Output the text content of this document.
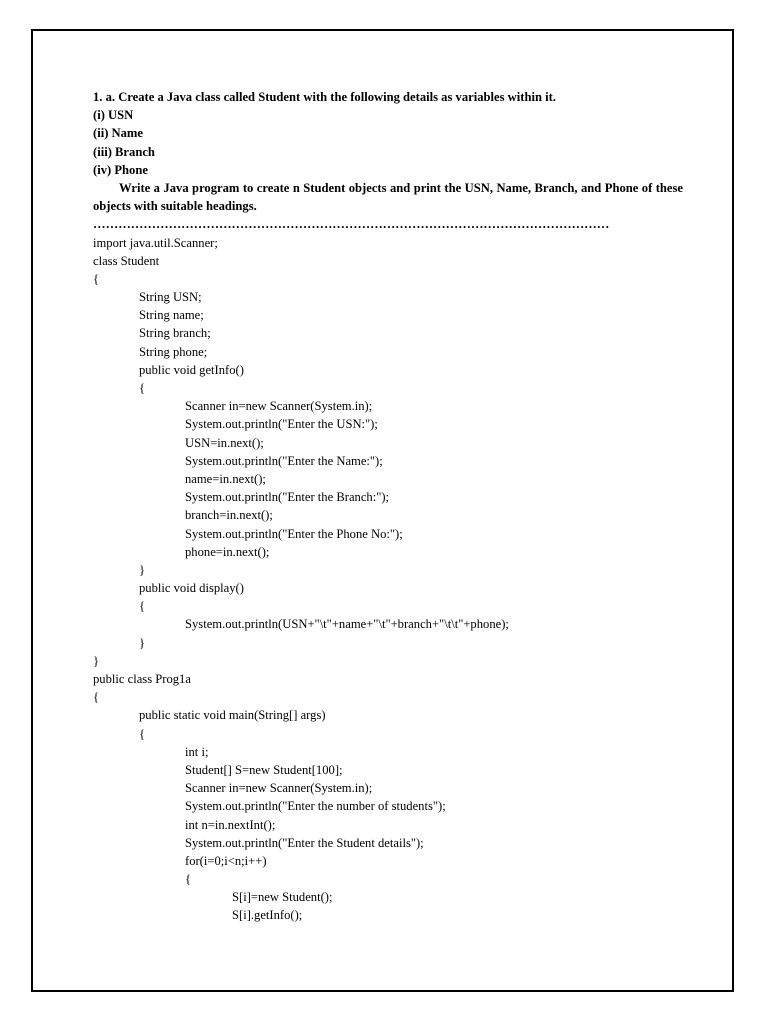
1. a. Create a Java class called Student with the following details as variables within it.
(i) USN
(ii) Name
(iii) Branch
(iv) Phone
Write a Java program to create n Student objects and print the USN, Name, Branch, and Phone of these objects with suitable headings.
……………………………………………………………………………………………………………
import java.util.Scanner;
class Student
{
String USN;
String name;
String branch;
String phone;
public void getInfo()
{
Scanner in=new Scanner(System.in);
System.out.println("Enter the USN:");
USN=in.next();
System.out.println("Enter the Name:");
name=in.next();
System.out.println("Enter the Branch:");
branch=in.next();
System.out.println("Enter the Phone No:");
phone=in.next();
}
public void display()
{
System.out.println(USN+"\t"+name+"\t"+branch+"\t\t"+phone);
}
}
public class Prog1a
{
public static void main(String[] args)
{
int i;
Student[] S=new Student[100];
Scanner in=new Scanner(System.in);
System.out.println("Enter the number of students");
int n=in.nextInt();
System.out.println("Enter the Student details");
for(i=0;i<n;i++)
{
S[i]=new Student();
S[i].getInfo();
